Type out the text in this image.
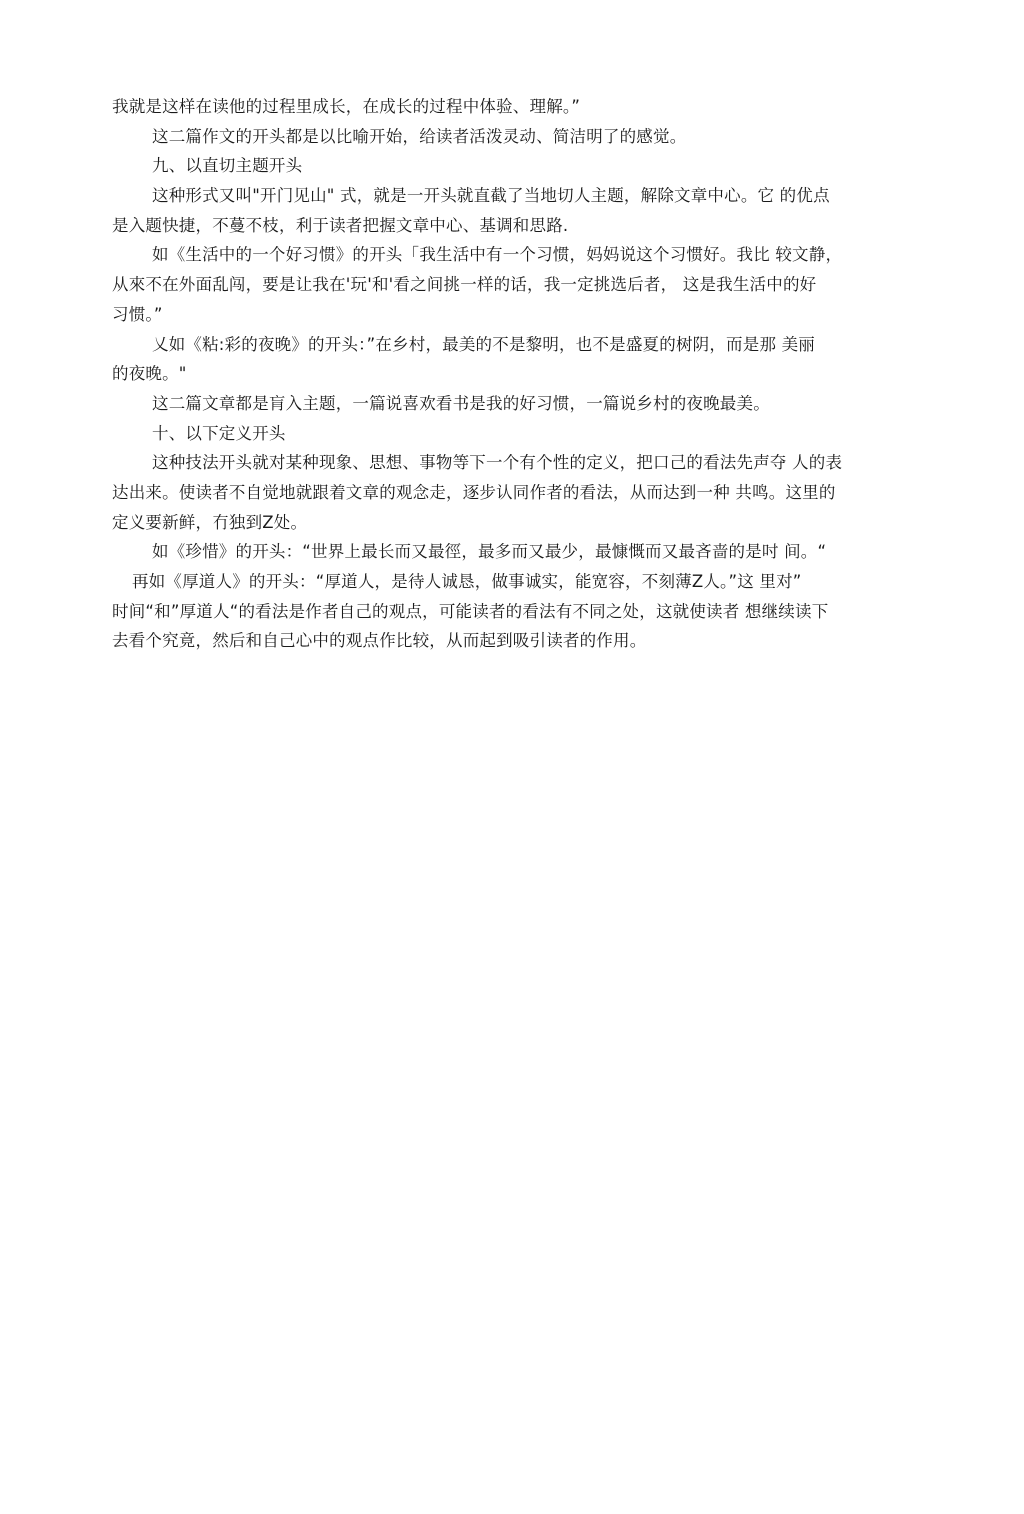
我就是这样在读他的过程里成长，在成长的过程中体验、理解。”
这二篇作文的开头都是以比喻开始，给读者活泼灵动、简洁明了的感觉。
九、以直切主题开头
这种形式又叫"开门见山" 式，就是一开头就直截了当地切人主题，解除文章中心。它 的优点
是入题快捷，不蔓不枝，利于读者把握文章中心、基调和思路.
如《生活中的一个好习惯》的开头「我生活中有一个习惯，妈妈说这个习惯好。我比 较文静，
从來不在外面乱闯，要是让我在'玩'和'看之间挑一样的话，我一定挑选后者， 这是我生活中的好
习惯。”
乂如《粘:彩的夜晚》的开头：”在乡村，最美的不是黎明，也不是盛夏的树阴，而是那 美丽
的夜晚。"
这二篇文章都是肓入主题，一篇说喜欢看书是我的好习惯，一篇说乡村的夜晚最美。
十、以下定义开头
这种技法开头就对某种现象、思想、事物等下一个有个性的定义，把口己的看法先声夺 人的表
达出来。使读者不自觉地就跟着文章的观念走，逐步认同作者的看法，从而达到一种 共鸣。这里的
定义要新鲜，冇独到Z处。
如《珍惜》的开头：“世界上最长而又最徑，最多而又最少，最慷慨而又最吝啬的是吋 间。“
再如《厚道人》的开头：“厚道人，是待人诚恳，做事诚实，能宽容，不刻薄Z人。”这 里对”
时间“和”厚道人“的看法是作者自己的观点，可能读者的看法有不同之处，这就使读者 想继续读下
去看个究竟，然后和自己心中的观点作比较，从而起到吸引读者的作用。
